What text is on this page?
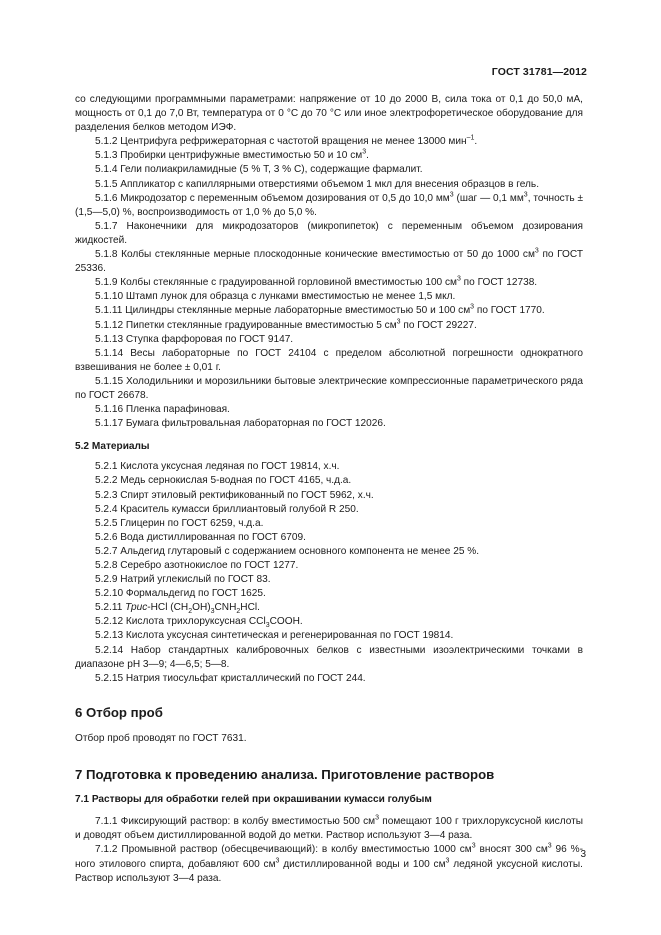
ГОСТ 31781—2012

со следующими программными параметрами: напряжение от 10 до 2000 В, сила тока от 0,1 до 50,0 мА, мощность от 0,1 до 7,0 Вт, температура от 0 °С до 70 °С или иное электрофоретическое оборудование для разделения белков методом ИЭФ.

5.1.2 Центрифуга рефрижераторная с частотой вращения не менее 13000 мин$^{-1}$.

5.1.3 Пробирки центрифужные вместимостью 50 и 10 $см^3$.

5.1.4 Гели полиакриламидные (5 % Т, 3 % С), содержащие фармалит.

5.1.5 Аппликатор с капиллярными отверстиями объемом 1 мкл для внесения образцов в гель.

5.1.6 Микродозатор с переменным объемом дозирования от 0,5 до 10,0 $мм^3$ (шаг — 0,1 $мм^3$, точность ± (1,5—5,0) %, воспроизводимость от 1,0 % до 5,0 %.

5.1.7 Наконечники для микродозаторов (микропипеток) с переменным объемом дозирования жидкостей.

5.1.8 Колбы стеклянные мерные плоскодонные конические вместимостью от 50 до 1000 $см^3$ по ГОСТ 25336.

5.1.9 Колбы стеклянные с градуированной горловиной вместимостью 100 $см^3$ по ГОСТ 12738.

5.1.10 Штамп лунок для образца с лунками вместимостью не менее 1,5 мкл.

5.1.11 Цилиндры стеклянные мерные лабораторные вместимостью 50 и 100 $см^3$ по ГОСТ 1770.

5.1.12 Пипетки стеклянные градуированные вместимостью 5 $см^3$ по ГОСТ 29227.

5.1.13 Ступка фарфоровая по ГОСТ 9147.

5.1.14 Весы лабораторные по ГОСТ 24104 с пределом абсолютной погрешности однократного взвешивания не более ± 0,01 г.

5.1.15 Холодильники и морозильники бытовые электрические компрессионные параметрического ряда по ГОСТ 26678.

5.1.16 Пленка парафиновая.

5.1.17 Бумага фильтровальная лабораторная по ГОСТ 12026.

5.2 Материалы

5.2.1 Кислота уксусная ледяная по ГОСТ 19814, х.ч.

5.2.2 Медь сернокислая 5-водная по ГОСТ 4165, ч.д.а.

5.2.3 Спирт этиловый ректификованный по ГОСТ 5962, х.ч.

5.2.4 Краситель кумасси бриллиантовый голубой R 250.

5.2.5 Глицерин по ГОСТ 6259, ч.д.а.

5.2.6 Вода дистиллированная по ГОСТ 6709.

5.2.7 Альдегид глутаровый с содержанием основного компонента не менее 25 %.

5.2.8 Серебро азотнокислое по ГОСТ 1277.

5.2.9 Натрий углекислый по ГОСТ 83.

5.2.10 Формальдегид по ГОСТ 1625.

5.2.11 Трис-HCl $(CH_2OH)_3CNH_2HCl$.

5.2.12 Кислота трихлоруксусная CCl$_3$COOH.

5.2.13 Кислота уксусная синтетическая и регенерированная по ГОСТ 19814.

5.2.14 Набор стандартных калибровочных белков с известными изоэлектрическими точками в диапазоне рН 3—9; 4—6,5; 5—8.

5.2.15 Натрия тиосульфат кристаллический по ГОСТ 244.

6 Отбор проб

Отбор проб проводят по ГОСТ 7631.

7 Подготовка к проведению анализа. Приготовление растворов
7.1 Растворы для обработки гелей при окрашивании кумасси голубым

7.1.1 Фиксирующий раствор: в колбу вместимостью 500 $см^3$ помещают 100 г трихлоруксусной кислоты и доводят объем дистиллированной водой до метки. Раствор используют 3—4 раза.

7.1.2 Промывной раствор (обесцвечивающий): в колбу вместимостью 1000 $см^3$ вносят 300 $см^3$ 96 %-ного этилового спирта, добавляют 600 $см^3$ дистиллированной воды и 100 $см^3$ ледяной уксусной кислоты. Раствор используют 3—4 раза.

3
